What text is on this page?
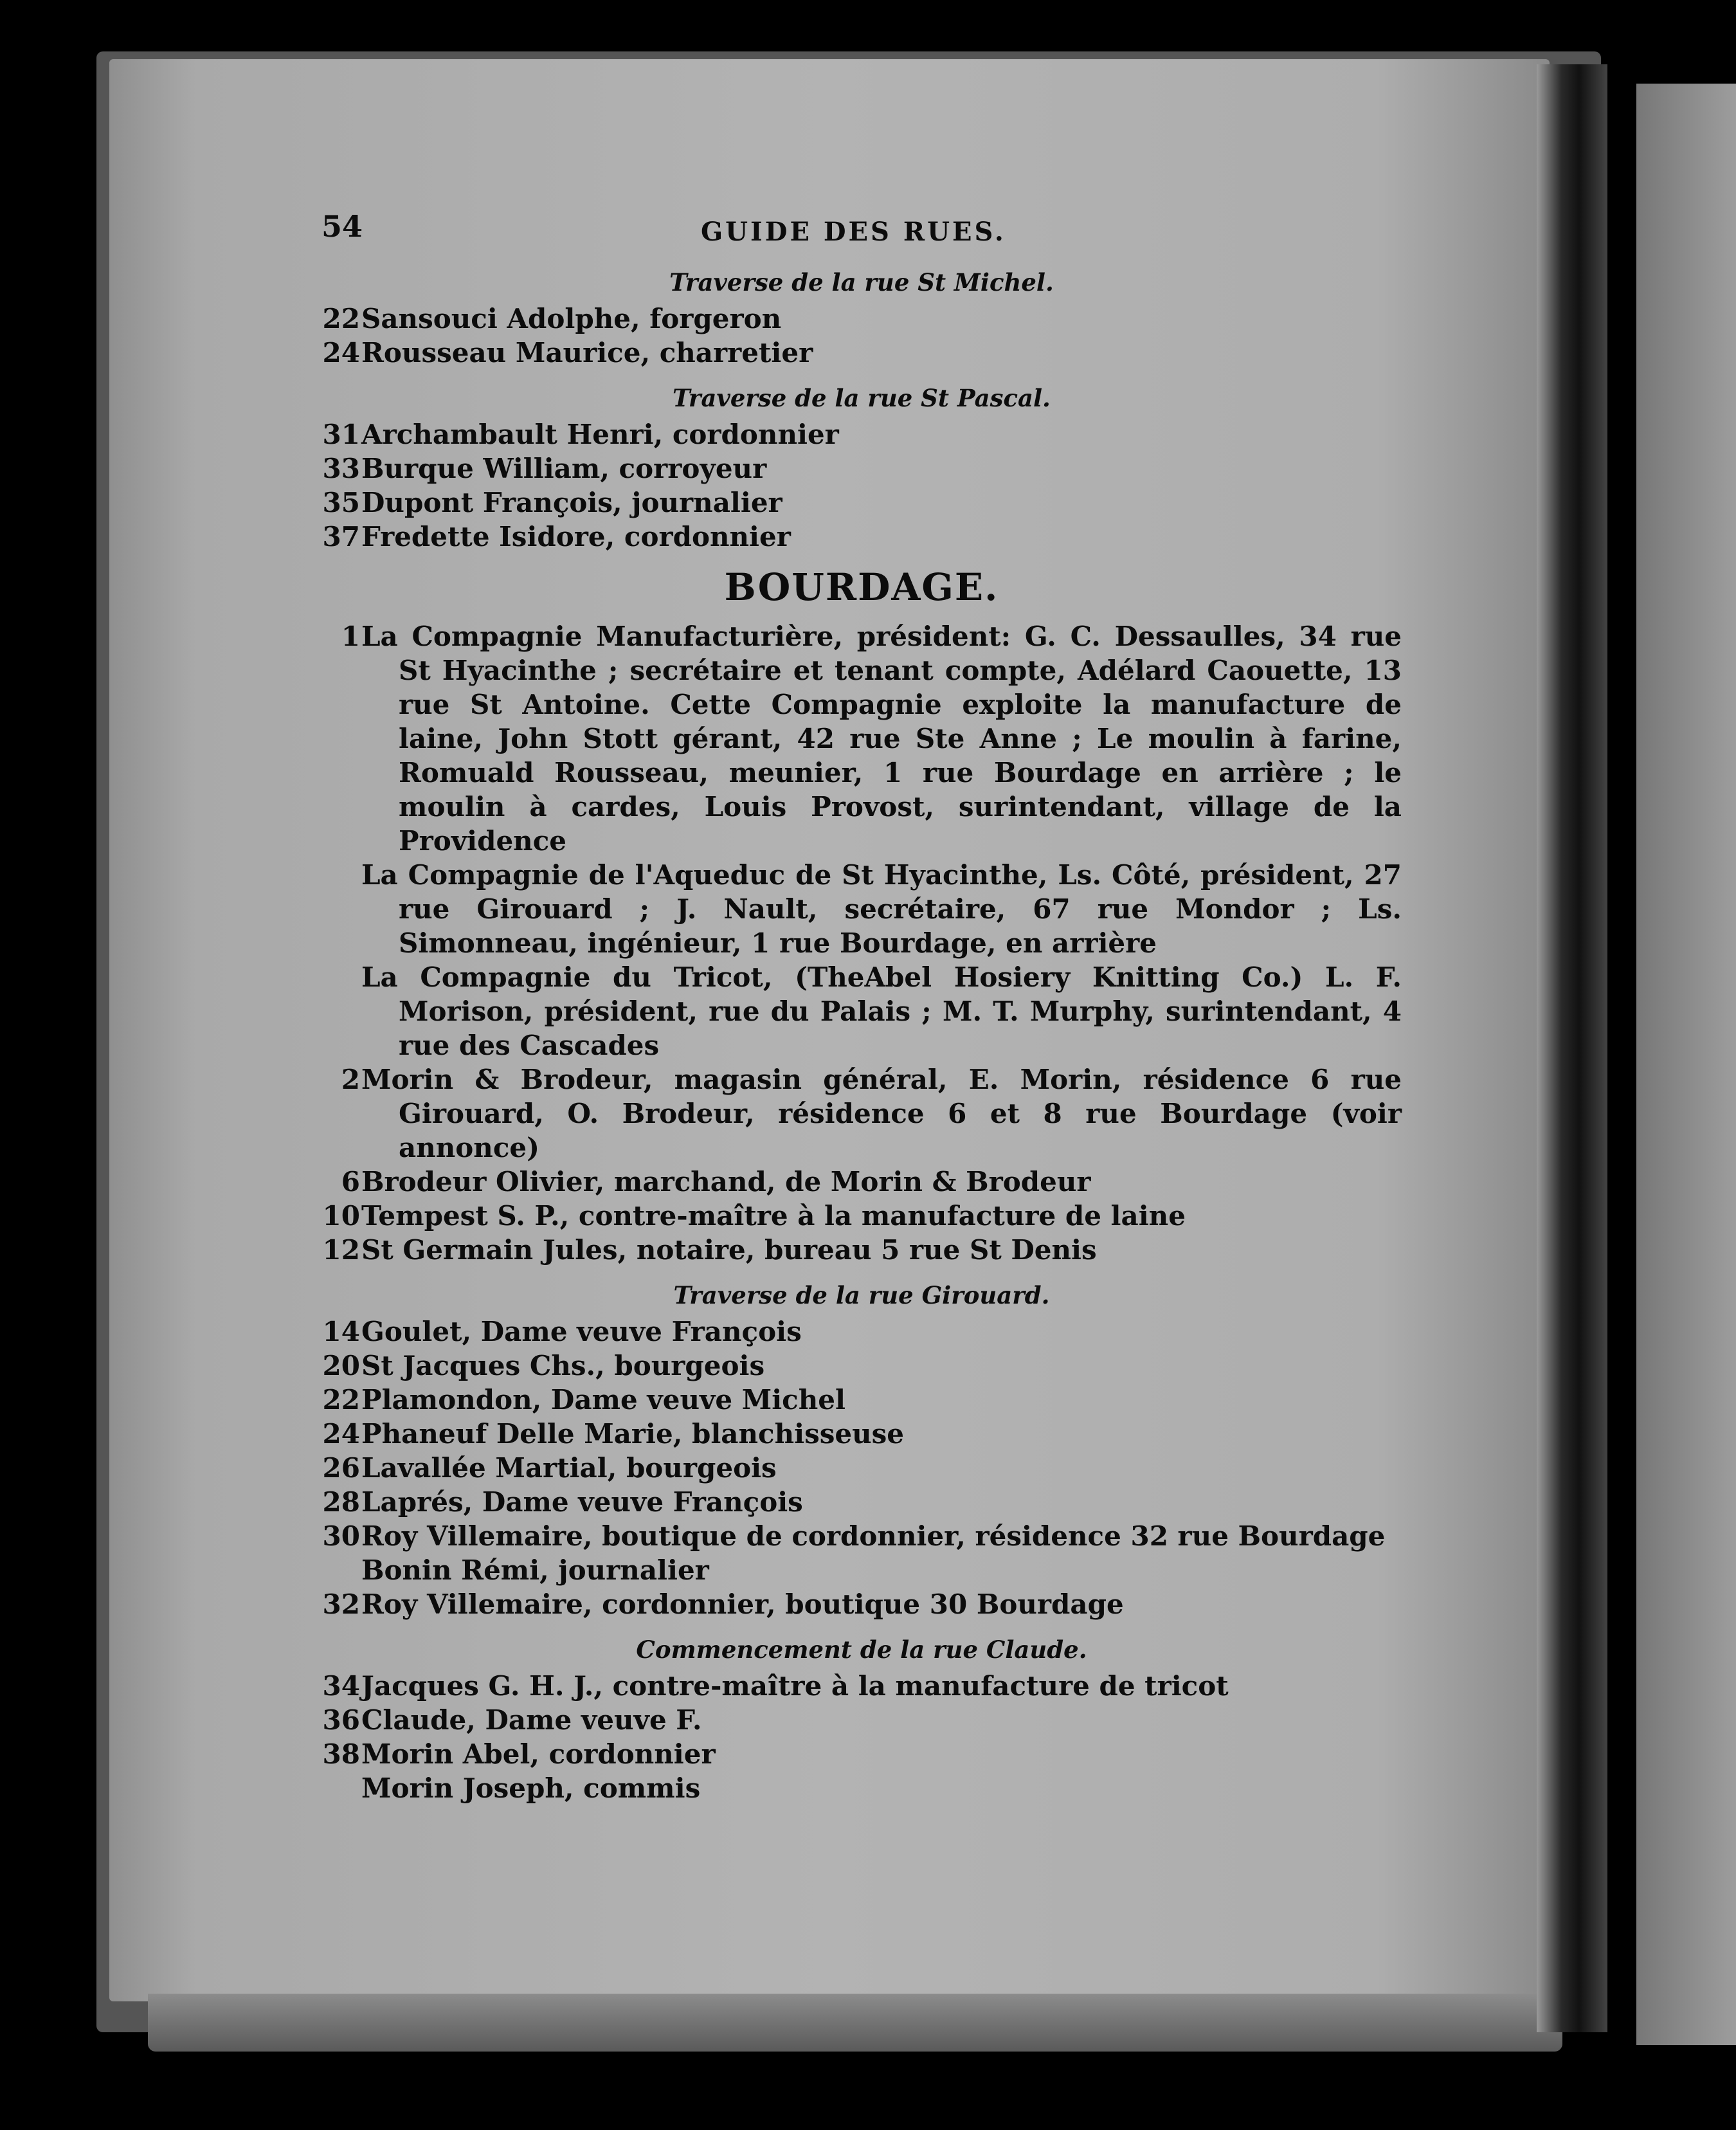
54	GUIDE DES RUES.
Traverse de la rue St Michel.
22 Sansouci Adolphe, forgeron
24 Rousseau Maurice, charretier
Traverse de la rue St Pascal.
31 Archambault Henri, cordonnier
33 Burque William, corroyeur
35 Dupont François, journalier
37 Fredette Isidore, cordonnier
BOURDAGE.
1 La Compagnie Manufacturière, président: G. C. Dessaulles, 34 rue St Hyacinthe ; secrétaire et tenant compte, Adélard Caouette, 13 rue St Antoine. Cette Compagnie exploite la manufacture de laine, John Stott gérant, 42 rue Ste Anne ; Le moulin à farine, Romuald Rousseau, meunier, 1 rue Bourdage en arrière ; le moulin à cardes, Louis Provost, surintendant, village de la Providence
La Compagnie de l'Aqueduc de St Hyacinthe, Ls. Côté, président, 27 rue Girouard ; J. Nault, secrétaire, 67 rue Mondor ; Ls. Simonneau, ingénieur, 1 rue Bourdage, en arrière
La Compagnie du Tricot, (TheAbel Hosiery Knitting Co.) L. F. Morison, président, rue du Palais ; M. T. Murphy, surintendant, 4 rue des Cascades
2 Morin & Brodeur, magasin général, E. Morin, résidence 6 rue Girouard, O. Brodeur, résidence 6 et 8 rue Bourdage (voir annonce)
6 Brodeur Olivier, marchand, de Morin & Brodeur
10 Tempest S. P., contre-maître à la manufacture de laine
12 St Germain Jules, notaire, bureau 5 rue St Denis
Traverse de la rue Girouard.
14 Goulet, Dame veuve François
20 St Jacques Chs., bourgeois
22 Plamondon, Dame veuve Michel
24 Phaneuf Delle Marie, blanchisseuse
26 Lavallée Martial, bourgeois
28 Laprés, Dame veuve François
30 Roy Villemaire, boutique de cordonnier, résidence 32 rue Bourdage
Bonin Rémi, journalier
32 Roy Villemaire, cordonnier, boutique 30 Bourdage
Commencement de la rue Claude.
34 Jacques G. H. J., contre-maître à la manufacture de tricot
36 Claude, Dame veuve F.
38 Morin Abel, cordonnier
Morin Joseph, commis
